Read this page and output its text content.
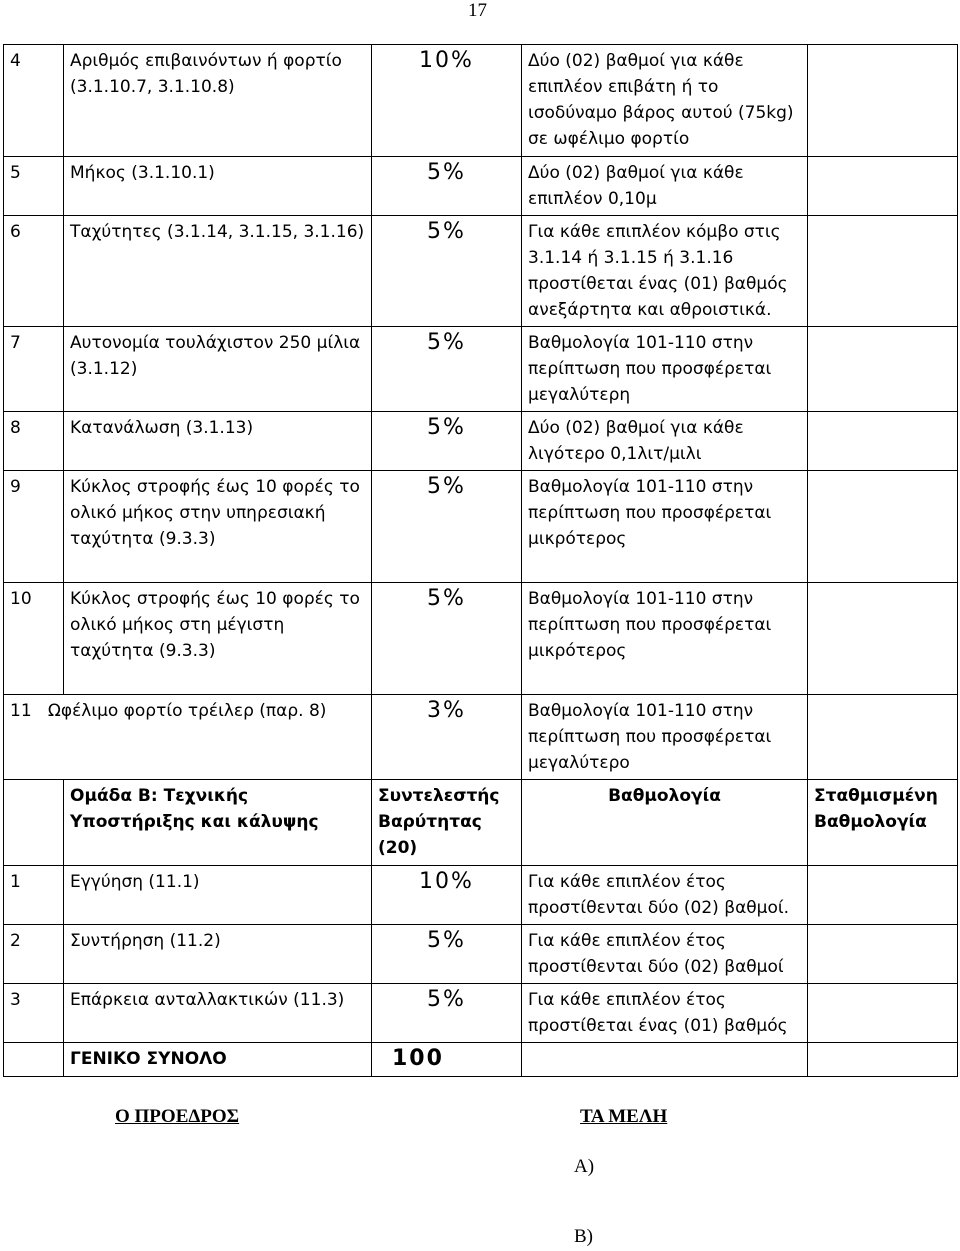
17
4	Αριθμός επιβαινόντων ή φορτίο (3.1.10.7, 3.1.10.8)	10%	Δύο (02) βαθμοί για κάθε επιπλέον επιβάτη ή το ισοδύναμο βάρος αυτού (75kg) σε ωφέλιμο φορτίο	
5	Μήκος (3.1.10.1)	5%	Δύο (02) βαθμοί για κάθε επιπλέον 0,10μ	
6	Ταχύτητες (3.1.14, 3.1.15, 3.1.16)	5%	Για κάθε επιπλέον κόμβο στις 3.1.14 ή 3.1.15 ή 3.1.16 προστίθεται ένας (01) βαθμός ανεξάρτητα και αθροιστικά.	
7	Αυτονομία τουλάχιστον 250 μίλια (3.1.12)	5%	Βαθμολογία 101-110 στην περίπτωση που προσφέρεται μεγαλύτερη	
8	Κατανάλωση (3.1.13)	5%	Δύο (02) βαθμοί για κάθε λιγότερο 0,1λιτ/μιλι	
9	Κύκλος στροφής έως 10 φορές το ολικό μήκος στην υπηρεσιακή ταχύτητα (9.3.3)	5%	Βαθμολογία 101-110 στην περίπτωση που προσφέρεται μικρότερος	
10	Κύκλος στροφής έως 10 φορές το ολικό μήκος στη μέγιστη ταχύτητα (9.3.3)	5%	Βαθμολογία 101-110 στην περίπτωση που προσφέρεται μικρότερος	
11 Ωφέλιμο φορτίο τρέιλερ (παρ. 8)		3%	Βαθμολογία 101-110 στην περίπτωση που προσφέρεται μεγαλύτερο	
	Ομάδα Β: Τεχνικής Υποστήριξης και κάλυψης	Συντελεστής Βαρύτητας (20)	Βαθμολογία	Σταθμισμένη Βαθμολογία
1	Εγγύηση (11.1)	10%	Για κάθε επιπλέον έτος προστίθενται δύο (02) βαθμοί.	
2	Συντήρηση (11.2)	5%	Για κάθε επιπλέον έτος προστίθενται δύο (02) βαθμοί	
3	Επάρκεια ανταλλακτικών (11.3)	5%	Για κάθε επιπλέον έτος προστίθεται ένας (01) βαθμός	
	ΓΕΝΙΚΟ ΣΥΝΟΛΟ	100		
Ο ΠΡΟΕΔΡΟΣ	ΤΑ ΜΕΛΗ
Α)
Β)
